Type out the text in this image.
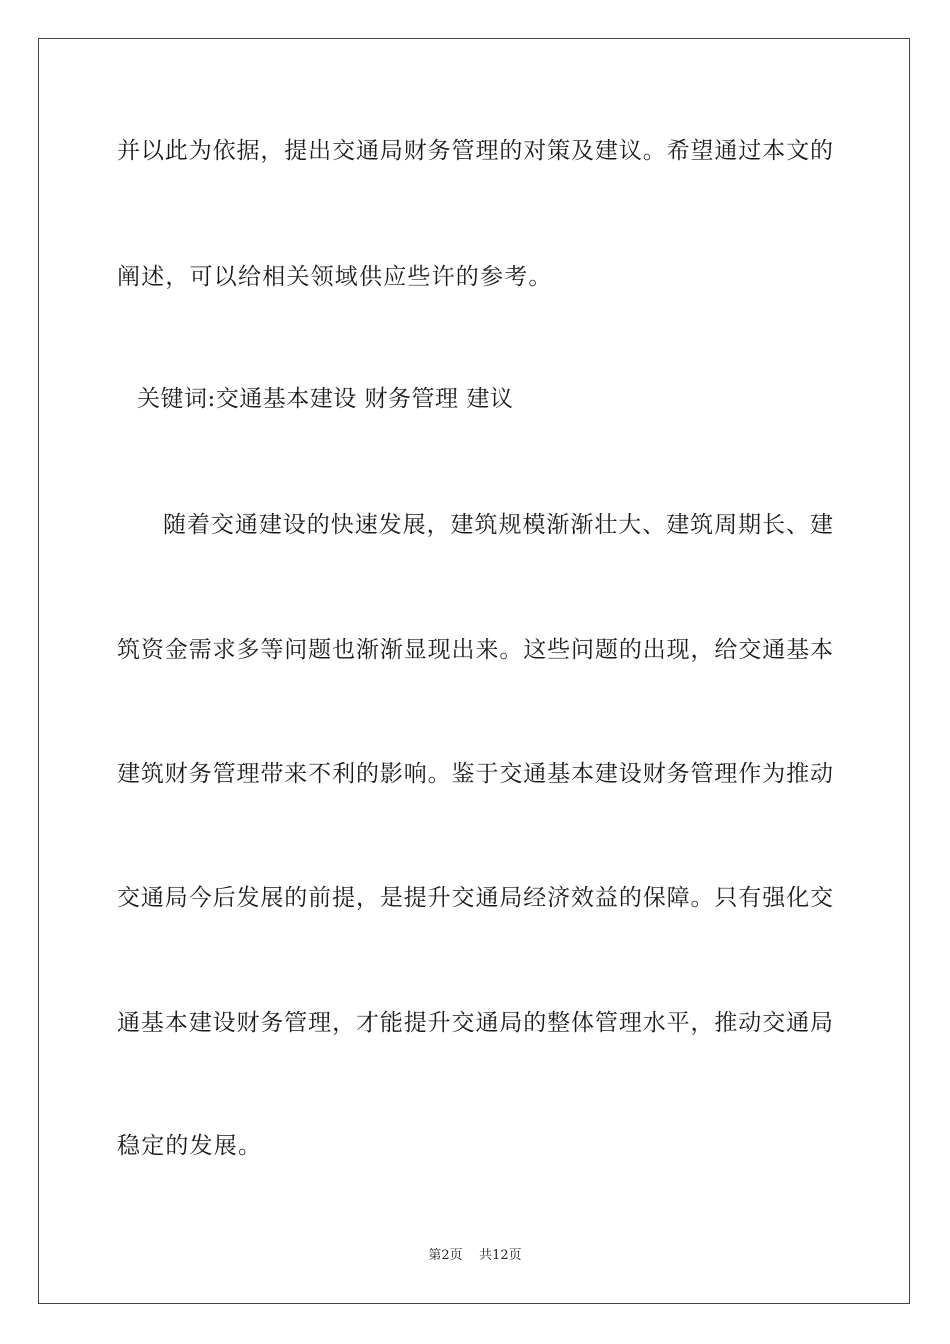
并以此为依据，提出交通局财务管理的对策及建议。希望通过本文的
阐述，可以给相关领域供应些许的参考。
关键词:交通基本建设 财务管理 建议
随着交通建设的快速发展，建筑规模渐渐壮大、建筑周期长、建
筑资金需求多等问题也渐渐显现出来。这些问题的出现，给交通基本
建筑财务管理带来不利的影响。鉴于交通基本建设财务管理作为推动
交通局今后发展的前提，是提升交通局经济效益的保障。只有强化交
通基本建设财务管理，才能提升交通局的整体管理水平，推动交通局
稳定的发展。
第2页 共12页
